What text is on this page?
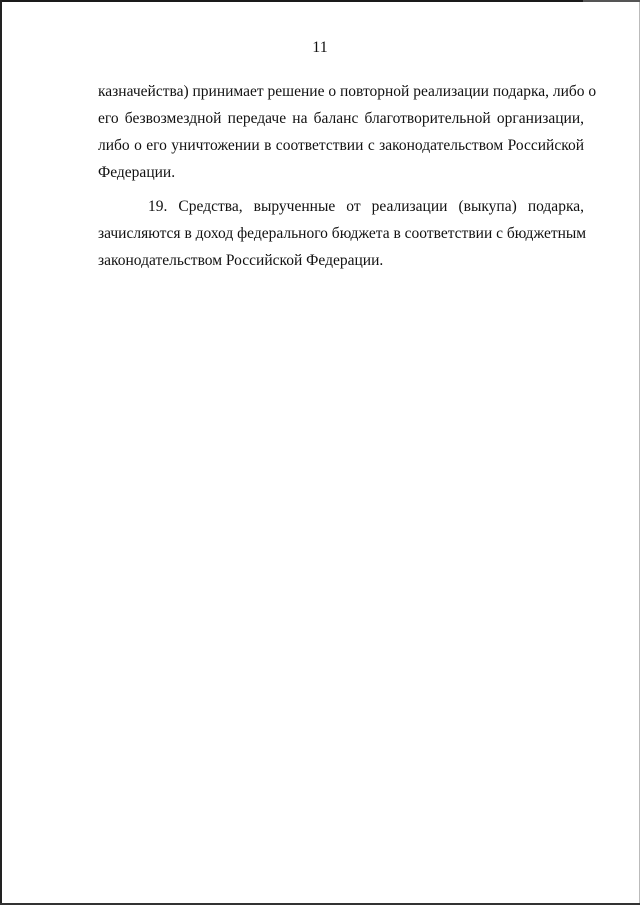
11
казначейства) принимает решение о повторной реализации подарка, либо о
его безвозмездной передаче на баланс благотворительной организации,
либо о его уничтожении в соответствии с законодательством Российской
Федерации.
19. Средства, вырученные от реализации (выкупа) подарка,
зачисляются в доход федерального бюджета в соответствии с бюджетным
законодательством Российской Федерации.
